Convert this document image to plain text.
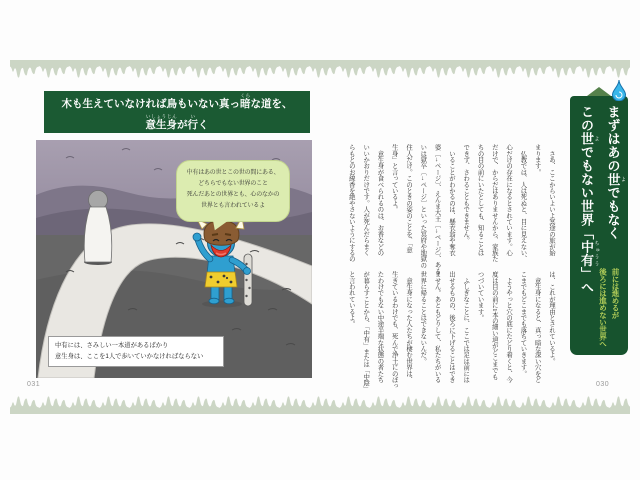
木も生えていなければ鳥もいない真っ暗くらな道を、
意生身いしょうじんが行いく
中有はあの世とこの世の間にある、
どちらでもない世界のこと
死んだあとの世界とも、心のなかの
世界とも言われているよ
中有には、さみしい一本道があるばかり
意生身は、ここを1人で歩いていかなければならない
031
　さあ、ここからいよいよ冥途の旅が始
まります。
　仏教では、人は死ぬと、目に見えない、
心だけの存在になるとされています。心
だけで、からだはありませんから、家族た
ちの目の前にいたとしても、知ることは
できず、さわることもできません。
　いることがわかるのは、懸衣翁や奪衣
婆〔→ページ〕、えんま大王〔→ページ〕、ある
いは獄卒〔→ページ〕といった冥府や地獄の
住人だけ。このときの姿のことを、「意
生身」と言っているよ。
　意生身が食べられるのは、お香などの
いいかおりだけです。人が死んだらまく
らもとのお線香を絶やさないようにするの
は、これが理由とされているよ。
　意生身になると、真っ暗な深い穴をど
こまでもどこまでも落ちていきます。
　ようやっと穴の底にたどり着くと、今
度は目の前に1本の細い道がどこまでも
つづいています。
　ふしぎなことに、ここでは足は前には
出せるものの、後ろに下げることはでき
ません。あともどりして、私たちがいる
世界に帰ることはできないんだ。
　意生身になった人たちが棲む世界は、
生きているわけでも、死んで浄土にのぼっ
たわけでもない中途半端な状態の者たち
が暮らすことから、「中有」または「中陰」
と言われているよ。
まずはあの世 よでもなく
この世 よでもない世界「中有 ちゅうう」へ	前には進めるが
後ろには進めない世界へ
030
